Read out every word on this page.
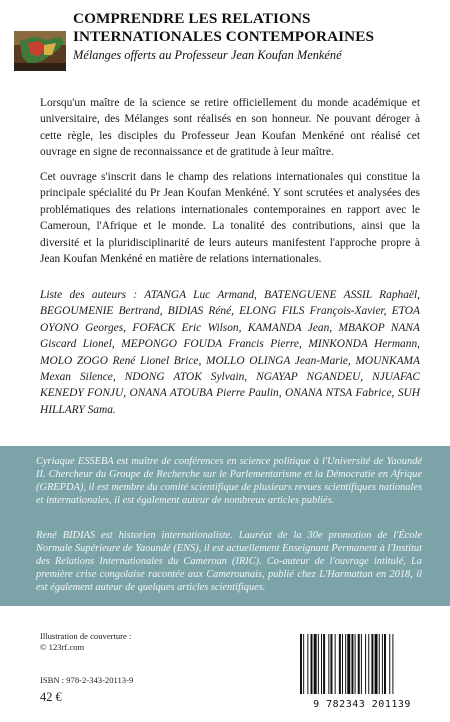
COMPRENDRE LES RELATIONS
INTERNATIONALES CONTEMPORAINES
Mélanges offerts au Professeur Jean Koufan Menkéné
Lorsqu'un maître de la science se retire officiellement du monde académique et universitaire, des Mélanges sont réalisés en son honneur. Ne pouvant déroger à cette règle, les disciples du Professeur Jean Koufan Menkéné ont réalisé cet ouvrage en signe de reconnaissance et de gratitude à leur maître.
Cet ouvrage s'inscrit dans le champ des relations internationales qui constitue la principale spécialité du Pr Jean Koufan Menkéné. Y sont scrutées et analysées des problématiques des relations internationales contemporaines en rapport avec le Cameroun, l'Afrique et le monde. La tonalité des contributions, ainsi que la diversité et la pluridisciplinarité de leurs auteurs manifestent l'approche propre à Jean Koufan Menkéné en matière de relations internationales.
Liste des auteurs : ATANGA Luc Armand, BATENGUENE ASSIL Raphaël, BEGOUMENIE Bertrand, BIDIAS Réné, ELONG FILS François-Xavier, ETOA OYONO Georges, FOFACK Eric Wilson, KAMANDA Jean, MBAKOP NANA Giscard Lionel, MEPONGO FOUDA Francis Pierre, MINKONDA Hermann, MOLO ZOGO René Lionel Brice, MOLLO OLINGA Jean-Marie, MOUNKAMA Mexan Silence, NDONG ATOK Sylvain, NGAYAP NGANDEU, NJUAFAC KENEDY FONJU, ONANA ATOUBA Pierre Paulin, ONANA NTSA Fabrice, SUH HILLARY Sama.
Cyriaque ESSEBA est maître de conférences en science politique à l'Université de Yaoundé II. Chercheur du Groupe de Recherche sur le Parlementarisme et la Démocratie en Afrique (GREPDA), il est membre du comité scientifique de plusieurs revues scientifiques nationales et internationales, il est également auteur de nombreux articles publiés.
René BIDIAS est historien internationaliste. Lauréat de la 30e promotion de l'École Normale Supérieure de Yaoundé (ENS), il est actuellement Enseignant Permanent à l'Institut des Relations Internationales du Cameroun (IRIC). Co-auteur de l'ouvrage intitulé, La première crise congolaise racontée aux Camerounais, publié chez L'Harmattan en 2018, il est également auteur de quelques articles scientifiques.
Illustration de couverture :
© 123rf.com
ISBN : 978-2-343-20113-9
42 €
9 782343 201139
